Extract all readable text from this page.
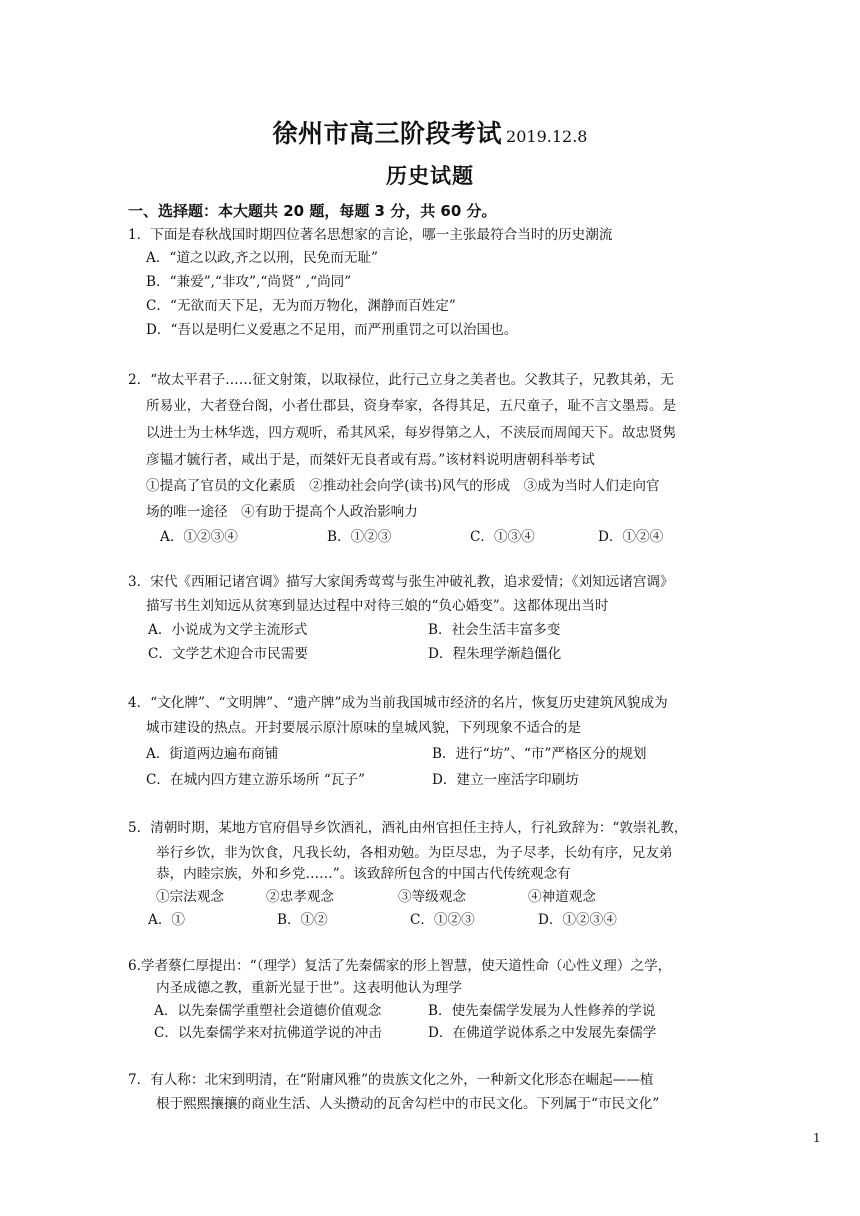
徐州市高三阶段考试 2019.12.8
历史试题
一、选择题：本大题共 20 题，每题 3 分，共 60 分。
1．下面是春秋战国时期四位著名思想家的言论，哪一主张最符合当时的历史潮流
A．“道之以政,齐之以刑，民免而无耻”
B．“兼爱”,“非攻”,“尚贤” ,“尚同”
C．“无欲而天下足，无为而万物化，渊静而百姓定”
D．“吾以是明仁义爱惠之不足用，而严刑重罚之可以治国也。
2．“故太平君子……征文射策，以取禄位，此行己立身之美者也。父教其子，兄教其弟，无
所易业，大者登台阁，小者仕郡县，资身奉家，各得其足，五尺童子，耻不言文墨焉。是
以进士为士林华选，四方观听，希其风采，每岁得第之人，不浃辰而周闻天下。故忠贤隽
彦韫才毓行者，咸出于是，而桀奸无良者或有焉。”该材料说明唐朝科举考试
①提高了官员的文化素质　②推动社会向学(读书)风气的形成　③成为当时人们走向官
场的唯一途径　④有助于提高个人政治影响力
A．①②③④	B．①②③	C．①③④	D．①②④
3．宋代《西厢记诸宫调》描写大家闺秀莺莺与张生冲破礼教，追求爱情；《刘知远诸宫调》
描写书生刘知远从贫寒到显达过程中对待三娘的“负心婚变”。这都体现出当时
A．小说成为文学主流形式	B．社会生活丰富多变
C．文学艺术迎合市民需要	D．程朱理学渐趋僵化
4．“文化牌”、“文明牌”、“遗产牌”成为当前我国城市经济的名片，恢复历史建筑风貌成为
城市建设的热点。开封要展示原汁原味的皇城风貌，下列现象不适合的是
A．街道两边遍布商铺	B．进行“坊”、“市”严格区分的规划
C．在城内四方建立游乐场所 “瓦子”	D．建立一座活字印刷坊
5．清朝时期，某地方官府倡导乡饮酒礼，酒礼由州官担任主持人，行礼致辞为：“敦崇礼教，
举行乡饮，非为饮食，凡我长幼，各相劝勉。为臣尽忠，为子尽孝，长幼有序，兄友弟
恭，内睦宗族，外和乡党……”。该致辞所包含的中国古代传统观念有
①宗法观念	②忠孝观念	③等级观念	④神道观念
A．①	B．①②	C．①②③	D．①②③④
6.学者蔡仁厚提出：“（理学）复活了先秦儒家的形上智慧，使天道性命（心性义理）之学，
内圣成德之教，重新光显于世”。这表明他认为理学
A．以先秦儒学重塑社会道德价值观念	B．使先秦儒学发展为人性修养的学说
C．以先秦儒学来对抗佛道学说的冲击	D．在佛道学说体系之中发展先秦儒学
7．有人称：北宋到明清，在“附庸风雅”的贵族文化之外，一种新文化形态在崛起——植
根于熙熙攘攘的商业生活、人头攒动的瓦舍勾栏中的市民文化。下列属于“市民文化”
1
